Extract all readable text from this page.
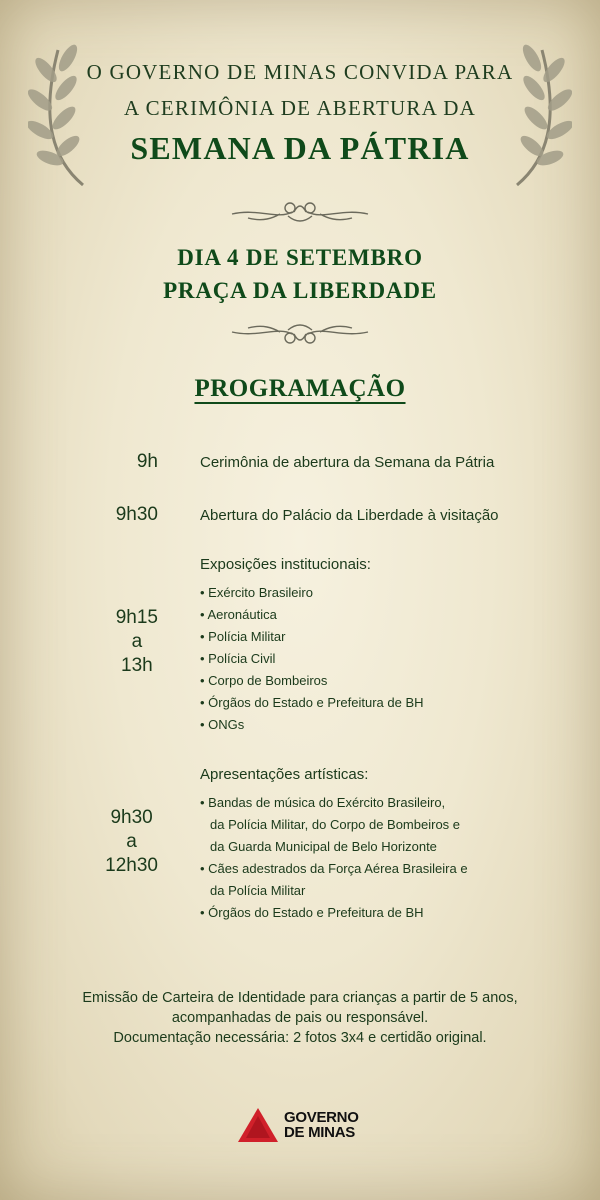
O GOVERNO DE MINAS CONVIDA PARA
A CERIMÔNIA DE ABERTURA DA
SEMANA DA PÁTRIA
DIA 4 DE SETEMBRO
PRAÇA DA LIBERDADE
PROGRAMAÇÃO
9h	Cerimônia de abertura da Semana da Pátria
9h30	Abertura do Palácio da Liberdade à visitação
Exposições institucionais:
9h15
a
13h
• Exército Brasileiro
• Aeronáutica
• Polícia Militar
• Polícia Civil
• Corpo de Bombeiros
• Órgãos do Estado e Prefeitura de BH
• ONGs
Apresentações artísticas:
9h30
a
12h30
• Bandas de música do Exército Brasileiro,
da Polícia Militar, do Corpo de Bombeiros e
da Guarda Municipal de Belo Horizonte
• Cães adestrados da Força Aérea Brasileira e
da Polícia Militar
• Órgãos do Estado e Prefeitura de BH
Emissão de Carteira de Identidade para crianças a partir de 5 anos,
acompanhadas de pais ou responsável.
Documentação necessária: 2 fotos 3x4 e certidão original.
GOVERNO
DE MINAS
